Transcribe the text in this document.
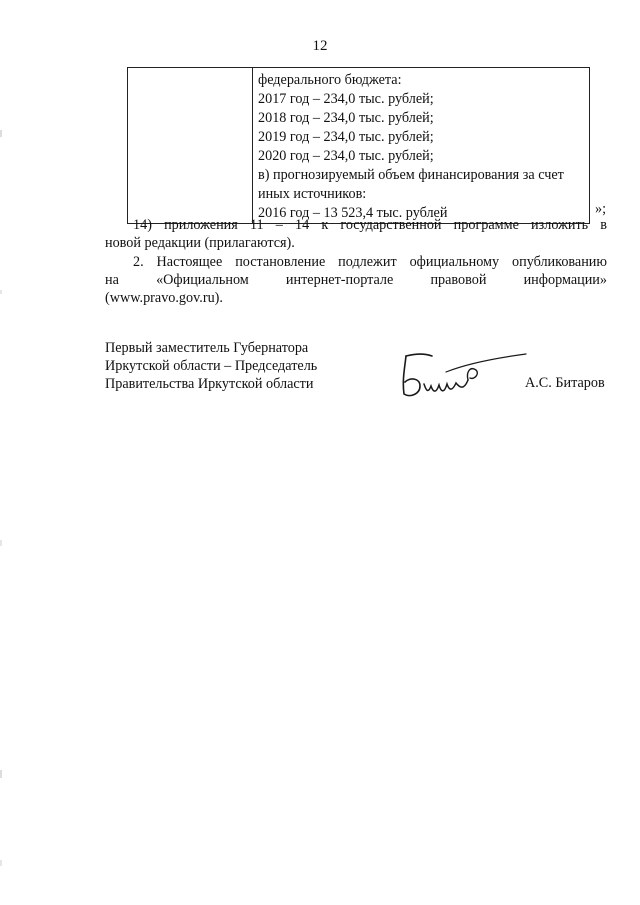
12

федерального бюджета:
2017 год – 234,0 тыс. рублей;
2018 год – 234,0 тыс. рублей;
2019 год – 234,0 тыс. рублей;
2020 год – 234,0 тыс. рублей;
в) прогнозируемый объем финансирования за счет
иных источников:
2016 год – 13 523,4 тыс. рублей	»;
14) приложения 11 – 14 к государственной программе изложить в
новой редакции (прилагаются).
2. Настоящее постановление подлежит официальному опубликованию
на «Официальном интернет-портале правовой информации»
(www.pravo.gov.ru).
Первый заместитель Губернатора
Иркутской области – Председатель
Правительства Иркутской области	А.С. Битаров
